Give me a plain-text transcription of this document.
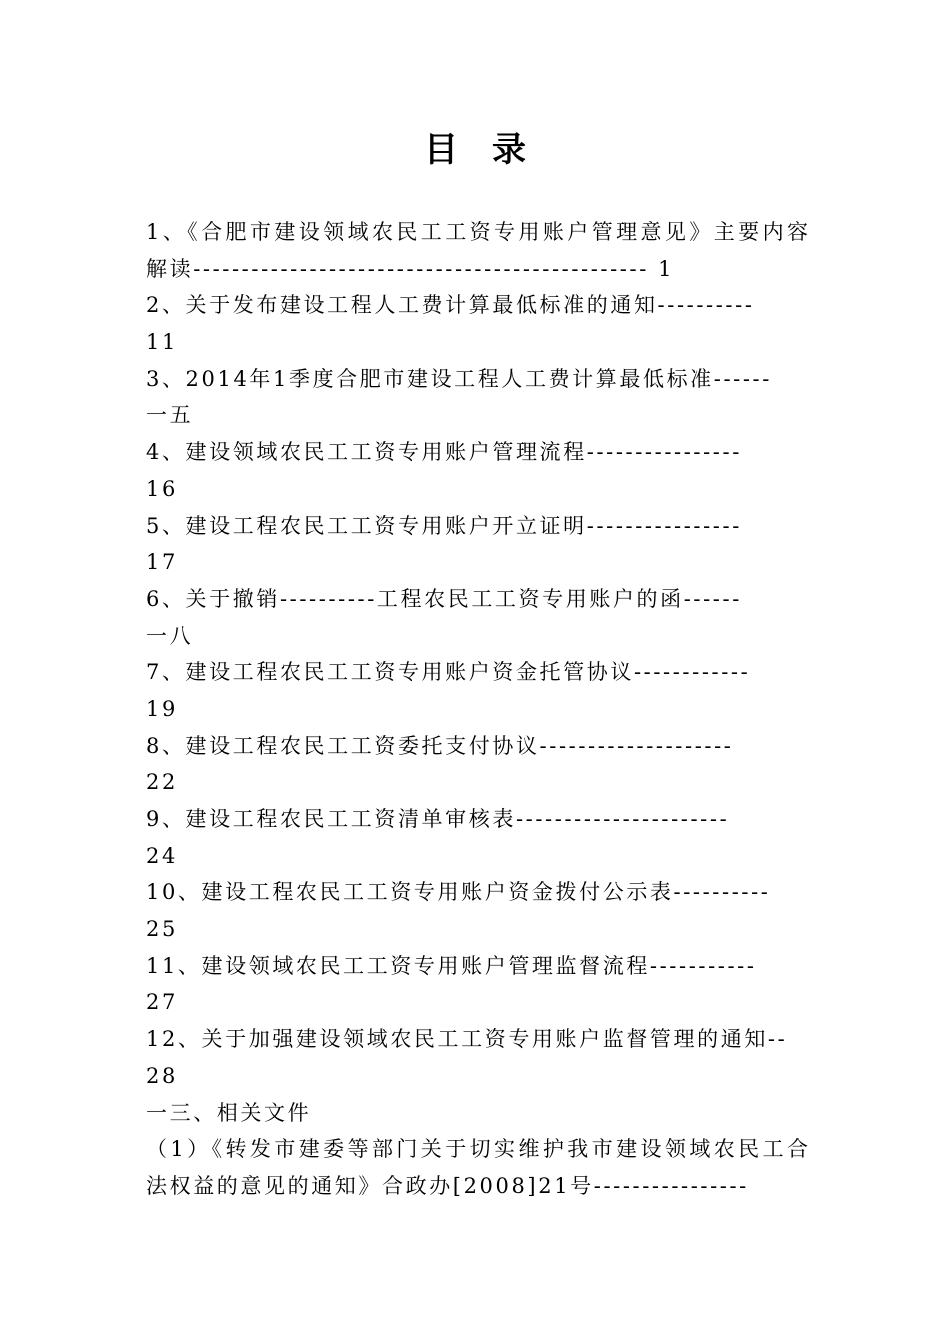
目录
1、《合肥市建设领域农民工工资专用账户管理意见》主要内容
解读----------------------------------------------- 1
2、关于发布建设工程人工费计算最低标准的通知----------
11
3、2014年1季度合肥市建设工程人工费计算最低标准------
一五
4、建设领域农民工工资专用账户管理流程----------------
16
5、建设工程农民工工资专用账户开立证明----------------
17
6、关于撤销----------工程农民工工资专用账户的函------
一八
7、建设工程农民工工资专用账户资金托管协议------------
19
8、建设工程农民工工资委托支付协议--------------------
22
9、建设工程农民工工资清单审核表----------------------
24
10、建设工程农民工工资专用账户资金拨付公示表----------
25
11、建设领域农民工工资专用账户管理监督流程-----------
27
12、关于加强建设领域农民工工资专用账户监督管理的通知--
28
一三、相关文件
（1）《转发市建委等部门关于切实维护我市建设领域农民工合
法权益的意见的通知》合政办[2008]21号----------------
